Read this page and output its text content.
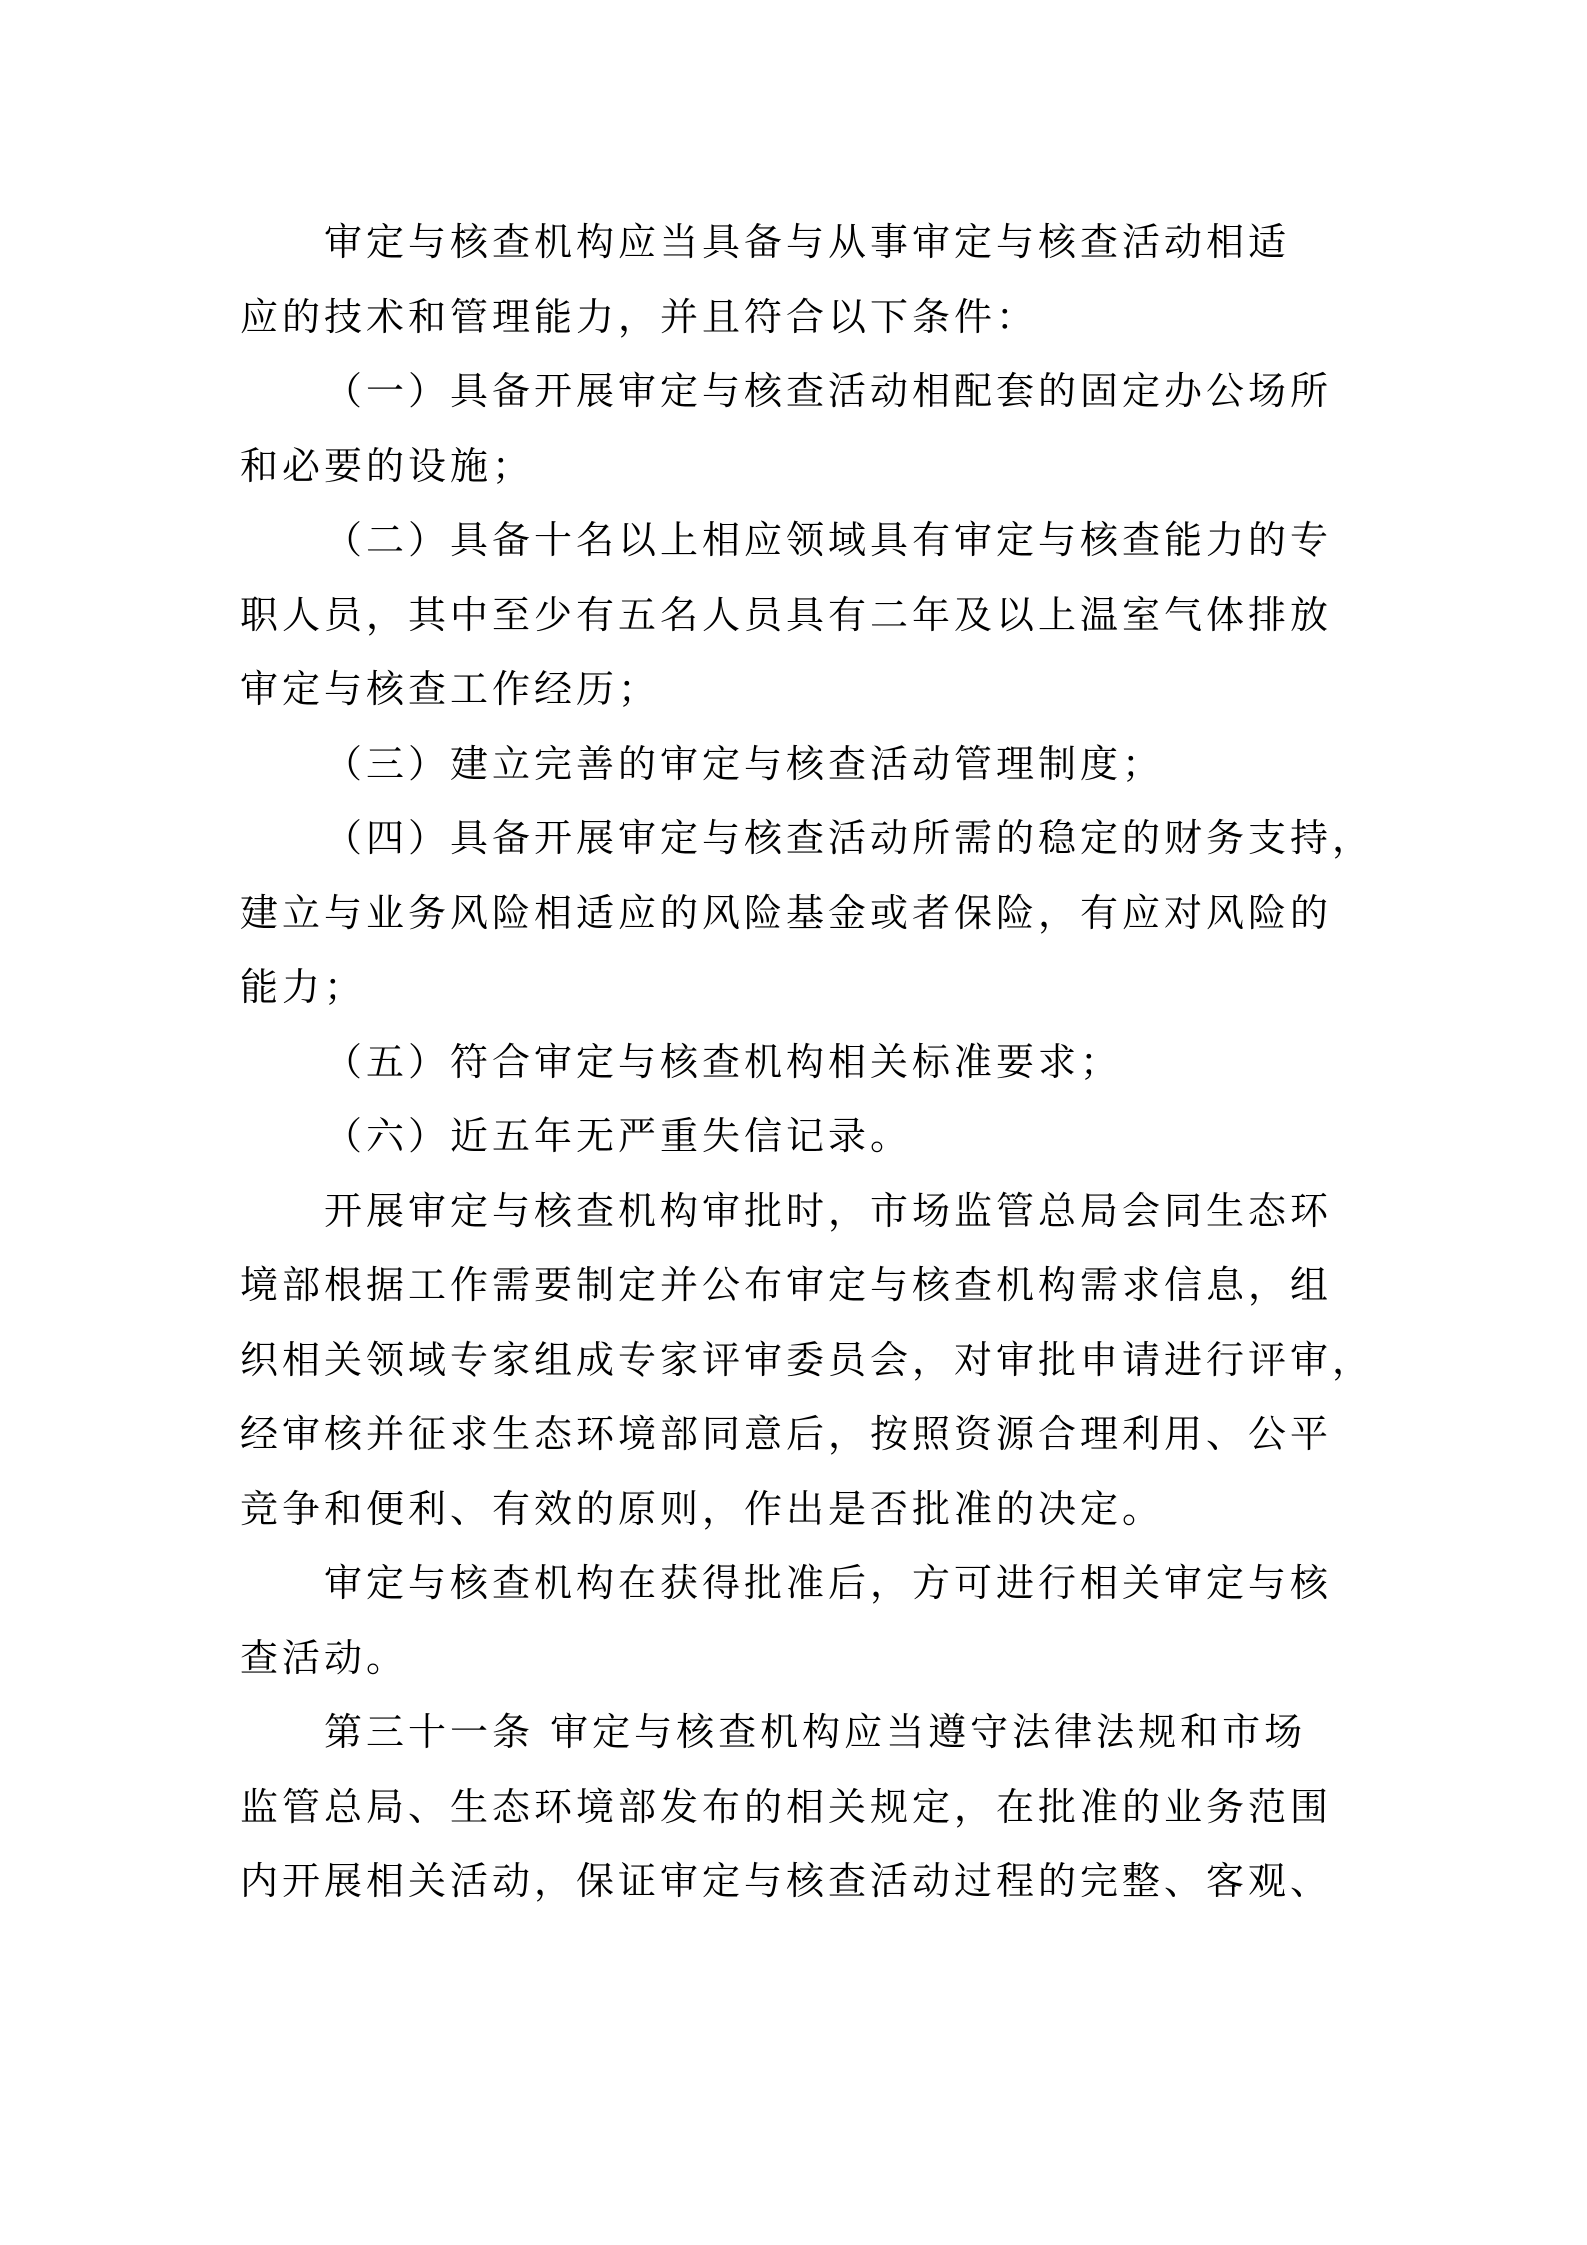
审定与核查机构应当具备与从事审定与核查活动相适
应的技术和管理能力，并且符合以下条件：
（一）具备开展审定与核查活动相配套的固定办公场所
和必要的设施；
（二）具备十名以上相应领域具有审定与核查能力的专
职人员，其中至少有五名人员具有二年及以上温室气体排放
审定与核查工作经历；
（三）建立完善的审定与核查活动管理制度；
（四）具备开展审定与核查活动所需的稳定的财务支持，
建立与业务风险相适应的风险基金或者保险，有应对风险的
能力；
（五）符合审定与核查机构相关标准要求；
（六）近五年无严重失信记录。
开展审定与核查机构审批时，市场监管总局会同生态环
境部根据工作需要制定并公布审定与核查机构需求信息，组
织相关领域专家组成专家评审委员会，对审批申请进行评审，
经审核并征求生态环境部同意后，按照资源合理利用、公平
竞争和便利、有效的原则，作出是否批准的决定。
审定与核查机构在获得批准后，方可进行相关审定与核
查活动。
第三十一条 审定与核查机构应当遵守法律法规和市场
监管总局、生态环境部发布的相关规定，在批准的业务范围
内开展相关活动，保证审定与核查活动过程的完整、客观、
